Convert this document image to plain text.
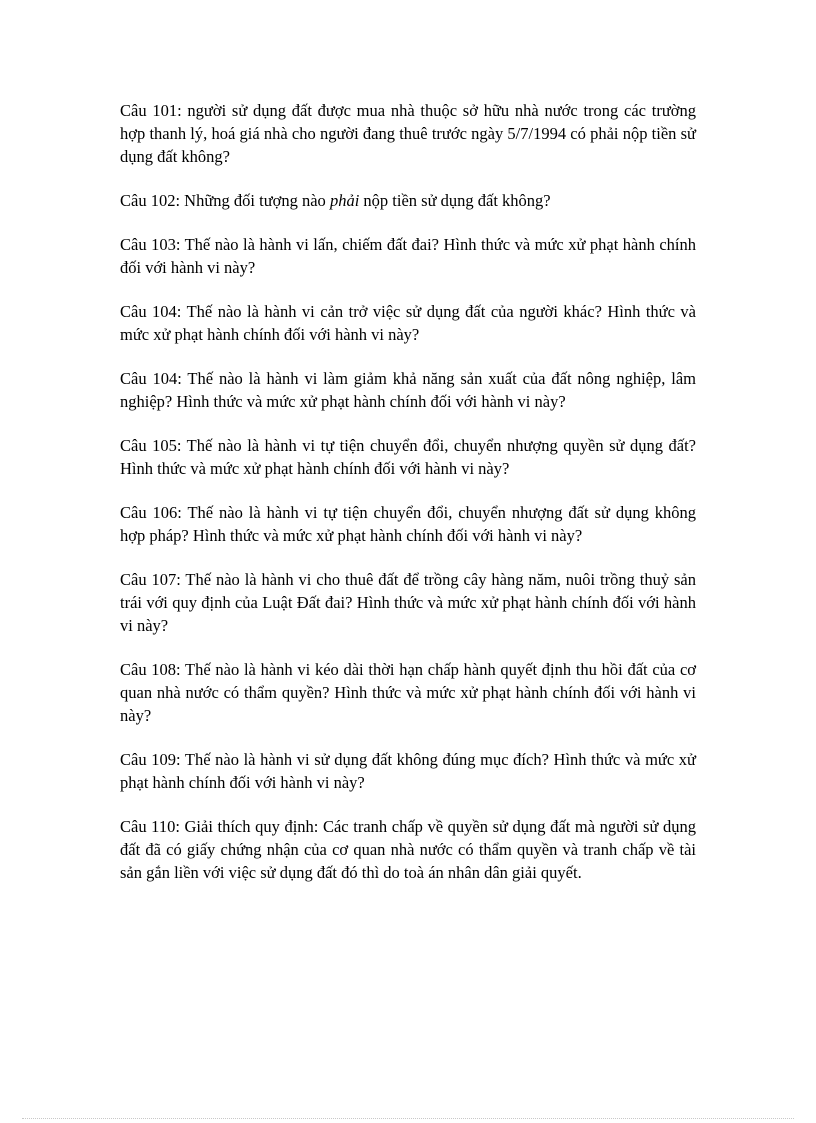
Câu 101: người sử dụng đất được mua nhà thuộc sở hữu nhà nước trong các trường hợp thanh lý, hoá giá nhà cho người đang thuê trước ngày 5/7/1994 có phải nộp tiền sử dụng đất không?

Câu 102: Những đối tượng nào phải nộp tiền sử dụng đất không?

Câu 103: Thế nào là hành vi lấn, chiếm đất đai? Hình thức và mức xử phạt hành chính đối với hành vi này?

Câu 104: Thế nào là hành vi cản trở việc sử dụng đất của người khác? Hình thức và mức xử phạt hành chính đối với hành vi này?

Câu 104: Thế nào là hành vi làm giảm khả năng sản xuất của đất nông nghiệp, lâm nghiệp? Hình thức và mức xử phạt hành chính đối với hành vi này?

Câu 105: Thế nào là hành vi tự tiện chuyển đổi, chuyển nhượng quyền sử dụng đất? Hình thức và mức xử phạt hành chính đối với hành vi này?

Câu 106: Thế nào là hành vi tự tiện chuyển đổi, chuyển nhượng đất sử dụng không hợp pháp? Hình thức và mức xử phạt hành chính đối với hành vi này?

Câu 107: Thế nào là hành vi cho thuê đất để trồng cây hàng năm, nuôi trồng thuỷ sản trái với quy định của Luật Đất đai? Hình thức và mức xử phạt hành chính đối với hành vi này?

Câu 108: Thế nào là hành vi kéo dài thời hạn chấp hành quyết định thu hồi đất của cơ quan nhà nước có thẩm quyền? Hình thức và mức xử phạt hành chính đối với hành vi này?

Câu 109: Thế nào là hành vi sử dụng đất không đúng mục đích? Hình thức và mức xử phạt hành chính đối với hành vi này?

Câu 110: Giải thích quy định: Các tranh chấp về quyền sử dụng đất mà người sử dụng đất đã có giấy chứng nhận của cơ quan nhà nước có thẩm quyền và tranh chấp về tài sản gắn liền với việc sử dụng đất đó thì do toà án nhân dân giải quyết.
